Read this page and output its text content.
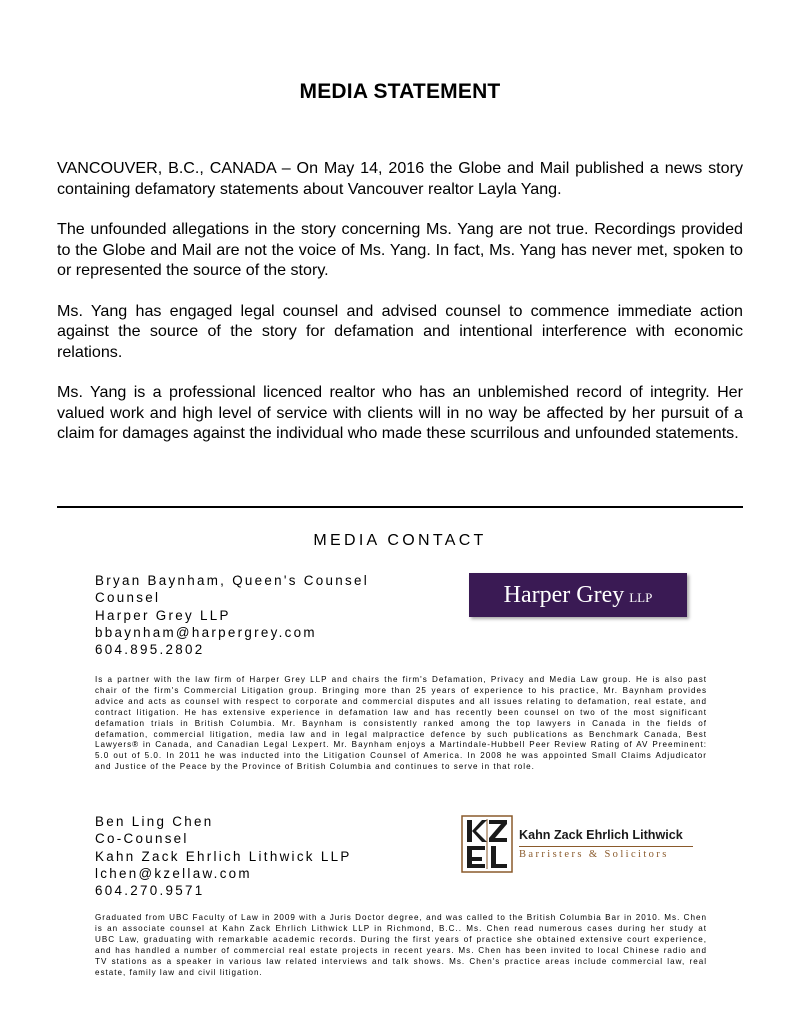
MEDIA STATEMENT

VANCOUVER, B.C., CANADA – On May 14, 2016 the Globe and Mail published a news story containing defamatory statements about Vancouver realtor Layla Yang.

The unfounded allegations in the story concerning Ms. Yang are not true. Recordings provided to the Globe and Mail are not the voice of Ms. Yang. In fact, Ms. Yang has never met, spoken to or represented the source of the story.

Ms. Yang has engaged legal counsel and advised counsel to commence immediate action against the source of the story for defamation and intentional interference with economic relations.

Ms. Yang is a professional licenced realtor who has an unblemished record of integrity. Her valued work and high level of service with clients will in no way be affected by her pursuit of a claim for damages against the individual who made these scurrilous and unfounded statements.

MEDIA CONTACT
Bryan Baynham, Queen's Counsel
Counsel
Harper Grey LLP
bbaynham@harpergrey.com
604.895.2802
Harper Grey LLP
Is a partner with the law firm of Harper Grey LLP and chairs the firm's Defamation, Privacy and Media Law group. He is also past chair of the firm's Commercial Litigation group. Bringing more than 25 years of experience to his practice, Mr. Baynham provides advice and acts as counsel with respect to corporate and commercial disputes and all issues relating to defamation, real estate, and contract litigation. He has extensive experience in defamation law and has recently been counsel on two of the most significant defamation trials in British Columbia. Mr. Baynham is consistently ranked among the top lawyers in Canada in the fields of defamation, commercial litigation, media law and in legal malpractice defence by such publications as Benchmark Canada, Best Lawyers® in Canada, and Canadian Legal Lexpert. Mr. Baynham enjoys a Martindale-Hubbell Peer Review Rating of AV Preeminent: 5.0 out of 5.0. In 2011 he was inducted into the Litigation Counsel of America. In 2008 he was appointed Small Claims Adjudicator and Justice of the Peace by the Province of British Columbia and continues to serve in that role.
Ben Ling Chen
Co-Counsel
Kahn Zack Ehrlich Lithwick LLP
lchen@kzellaw.com
604.270.9571
Kahn Zack Ehrlich Lithwick
Barristers & Solicitors
Graduated from UBC Faculty of Law in 2009 with a Juris Doctor degree, and was called to the British Columbia Bar in 2010. Ms. Chen is an associate counsel at Kahn Zack Ehrlich Lithwick LLP in Richmond, B.C.. Ms. Chen read numerous cases during her study at UBC Law, graduating with remarkable academic records. During the first years of practice she obtained extensive court experience, and has handled a number of commercial real estate projects in recent years. Ms. Chen has been invited to local Chinese radio and TV stations as a speaker in various law related interviews and talk shows. Ms. Chen's practice areas include commercial law, real estate, family law and civil litigation.
